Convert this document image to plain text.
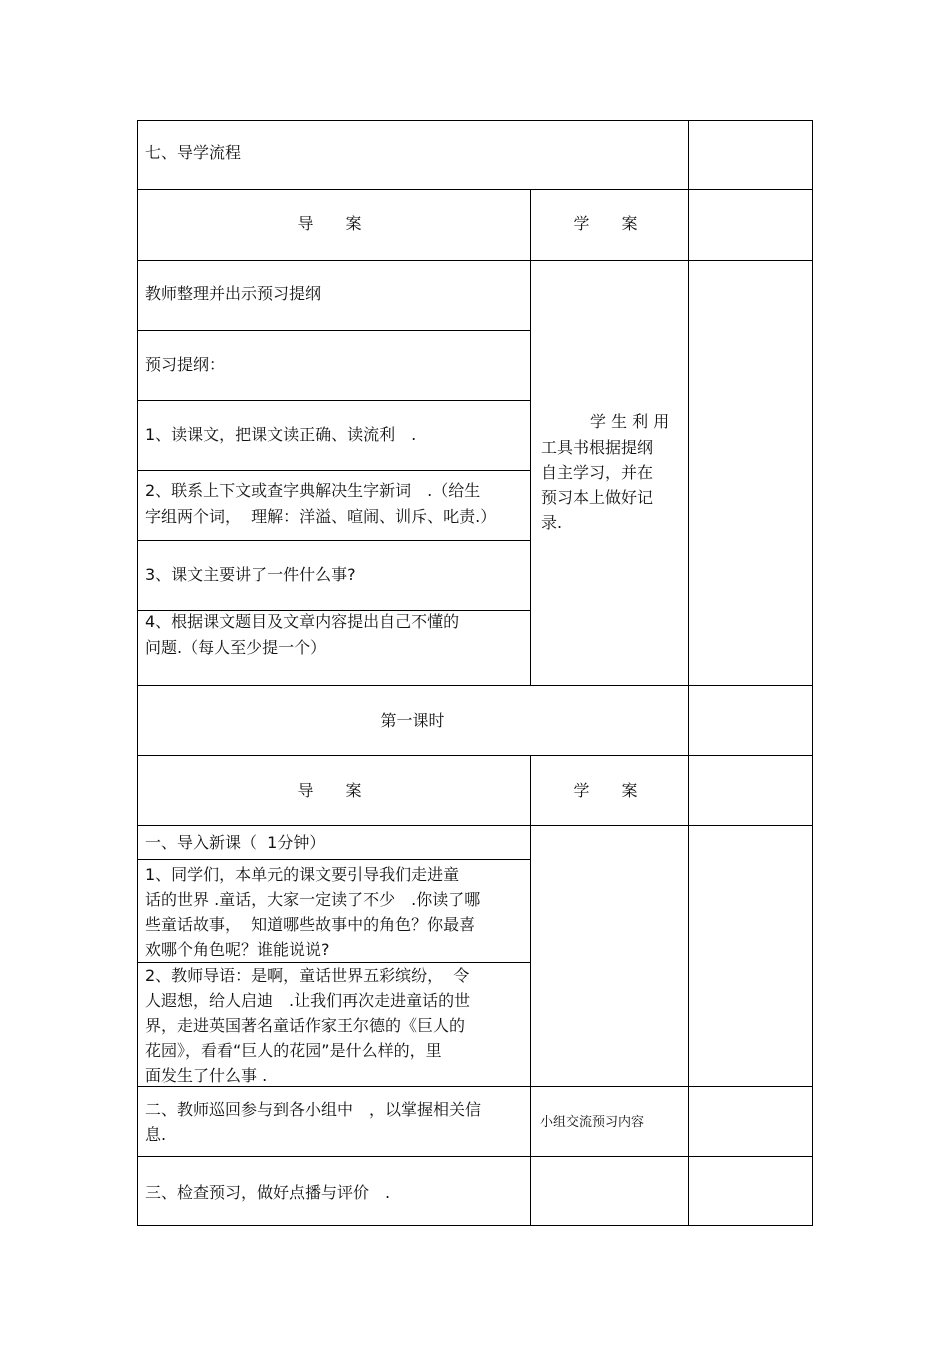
七、导学流程
导　案	学　案
教师整理并出示预习提纲
预习提纲：
1、读课文，把课文读正确、读流利　.
2、联系上下文或查字典解决生字新词　.（给生
字组两个词，  理解：洋溢、喧闹、训斥、叱责.）
3、课文主要讲了一件什么事?
4、根据课文题目及文章内容提出自己不懂的
问题.（每人至少提一个）
学 生 利 用
工具书根据提纲
自主学习，并在
预习本上做好记
录.
第一课时
导　案	学　案
一、导入新课（  1分钟）
1、同学们，本单元的课文要引导我们走进童
话的世界 .童话，大家一定读了不少　.你读了哪
些童话故事，  知道哪些故事中的角色？你最喜
欢哪个角色呢？谁能说说?
2、教师导语：是啊，童话世界五彩缤纷，  令
人遐想，给人启迪　.让我们再次走进童话的世
界，走进英国著名童话作家王尔德的《巨人的
花园》，看看“巨人的花园”是什么样的，里
面发生了什么事 .
二、教师巡回参与到各小组中　，以掌握相关信
息.
小组交流预习内容
三、检查预习，做好点播与评价　.
